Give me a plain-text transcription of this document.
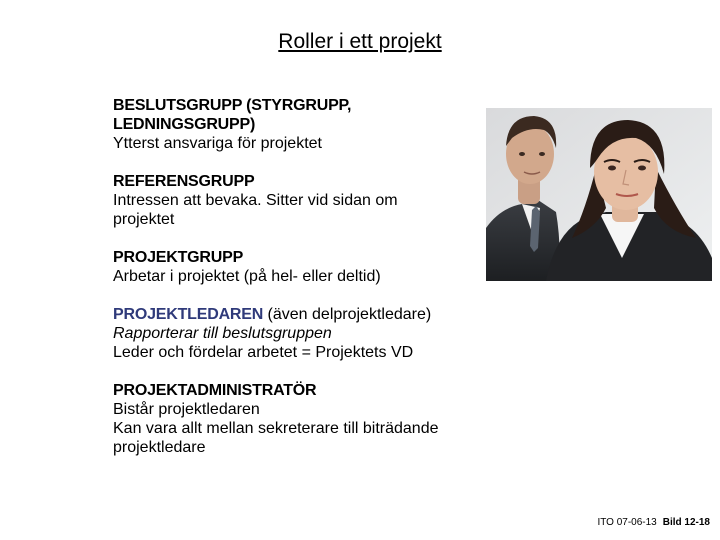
Roller i ett projekt
BESLUTSGRUPP (STYRGRUPP,
LEDNINGSGRUPP)
Ytterst ansvariga för projektet
REFERENSGRUPP
Intressen att bevaka. Sitter vid sidan om
projektet
PROJEKTGRUPP
Arbetar i projektet (på hel- eller deltid)
PROJEKTLEDAREN (även delprojektledare)
Rapporterar till beslutsgruppen
Leder och fördelar arbetet = Projektets VD
PROJEKTADMINISTRATÖR
Bistår projektledaren
Kan vara allt mellan sekreterare till biträdande
projektledare
ITO 07-06-13 Bild 12-18
